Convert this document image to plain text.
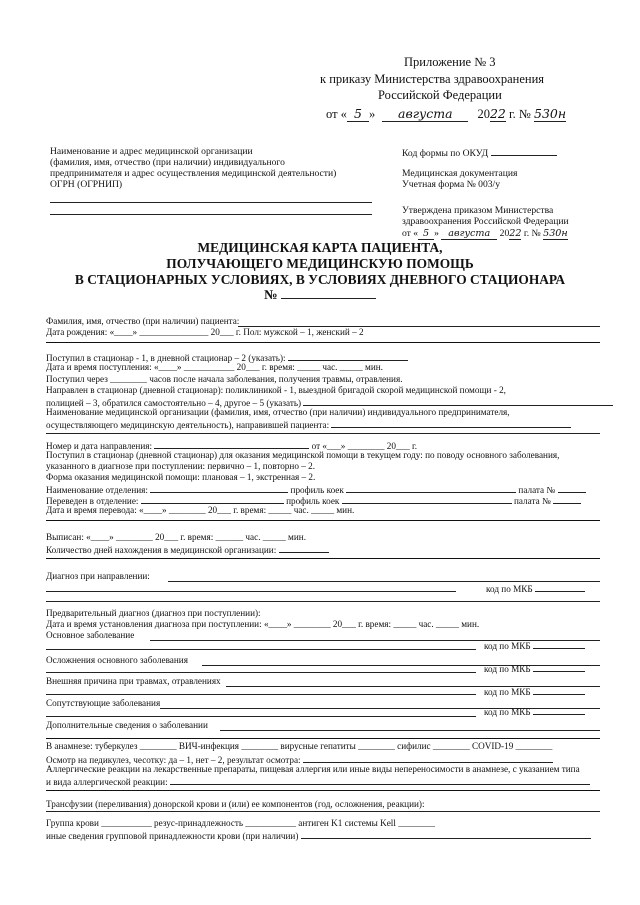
Приложение № 3
к приказу Министерства здравоохранения
Российской Федерации
от « 5 » августа 2022 г. № 530н
Наименование и адрес медицинской организации
(фамилия, имя, отчество (при наличии) индивидуального
предпринимателя и адрес осуществления медицинской деятельности)
ОГРН (ОГРНИП)
Код формы по ОКУД
Медицинская документация
Учетная форма № 003/у
Утверждена приказом Министерства
здравоохранения Российской Федерации
от « 5 » августа 2022 г. № 530н
МЕДИЦИНСКАЯ КАРТА ПАЦИЕНТА,
ПОЛУЧАЮЩЕГО МЕДИЦИНСКУЮ ПОМОЩЬ
В СТАЦИОНАРНЫХ УСЛОВИЯХ, В УСЛОВИЯХ ДНЕВНОГО СТАЦИОНАРА
№
Фамилия, имя, отчество (при наличии) пациента:
Дата рождения: «____» _______________ 20___ г. Пол: мужской – 1, женский – 2
Поступил в стационар - 1, в дневной стационар – 2 (указать):
Дата и время поступления: «____» ___________ 20___ г. время: _____ час. _____ мин.
Поступил через ________ часов после начала заболевания, получения травмы, отравления.
Направлен в стационар (дневной стационар): поликлиникой - 1, выездной бригадой скорой медицинской помощи - 2,
полицией – 3, обратился самостоятельно – 4, другое – 5 (указать)
Наименование медицинской организации (фамилия, имя, отчество (при наличии) индивидуального предпринимателя,
осуществляющего медицинскую деятельность), направившей пациента:
Номер и дата направления:	от «___» ________ 20___ г.
Поступил в стационар (дневной стационар) для оказания медицинской помощи в текущем году: по поводу основного заболевания,
указанного в диагнозе при поступлении: первично – 1, повторно – 2.
Форма оказания медицинской помощи: плановая – 1, экстренная – 2.
Наименование отделения:	профиль коек	палата №
Переведен в отделение:	профиль коек	палата №
Дата и время перевода: «____» ________ 20___ г. время: _____ час. _____ мин.
Выписан: «____» ________ 20___ г. время: ______ час. _____ мин.
Количество дней нахождения в медицинской организации:
Диагноз при направлении:
код по МКБ
Предварительный диагноз (диагноз при поступлении):
Дата и время установления диагноза при поступлении: «____» ________ 20___ г. время: _____ час. _____ мин.
Основное заболевание
код по МКБ
Осложнения основного заболевания
код по МКБ
Внешняя причина при травмах, отравлениях
код по МКБ
Сопутствующие заболевания
код по МКБ
Дополнительные сведения о заболевании
В анамнезе: туберкулез ________ ВИЧ-инфекция ________ вирусные гепатиты ________ сифилис ________ COVID-19 ________
Осмотр на педикулез, чесотку: да – 1, нет – 2, результат осмотра:
Аллергические реакции на лекарственные препараты, пищевая аллергия или иные виды непереносимости в анамнезе, с указанием типа
и вида аллергической реакции:
Трансфузии (переливания) донорской крови и (или) ее компонентов (год, осложнения, реакции):
Группа крови ___________ резус-принадлежность ___________ антиген K1 системы Kell ________
иные сведения групповой принадлежности крови (при наличии)
